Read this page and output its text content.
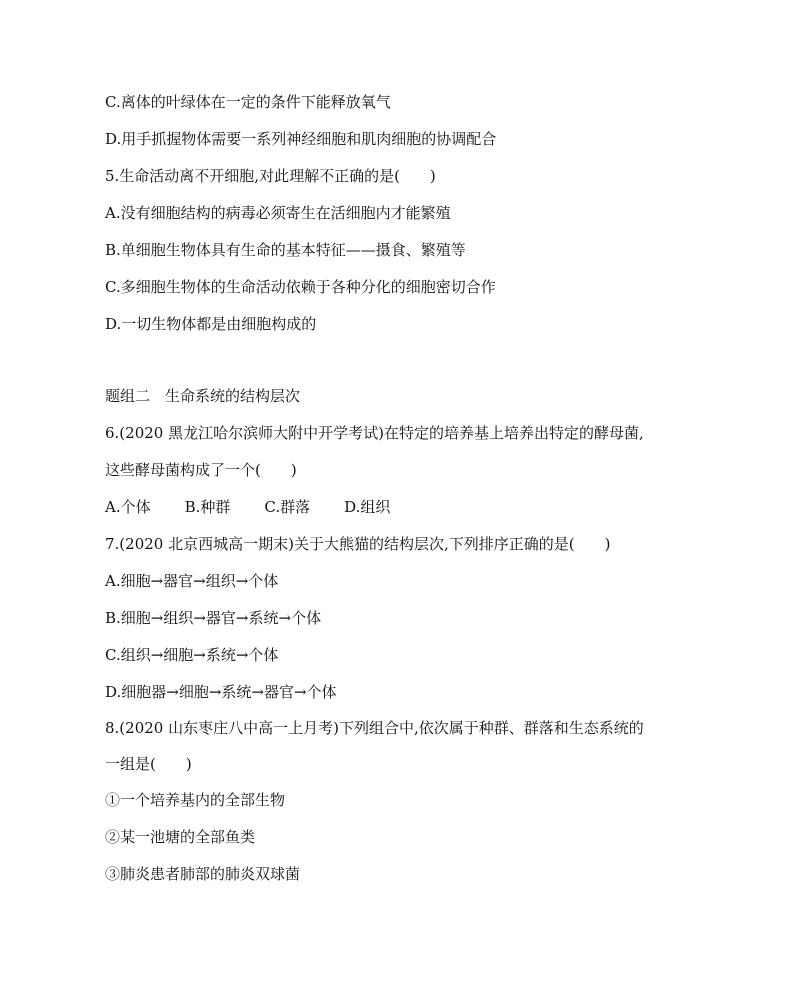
C.离体的叶绿体在一定的条件下能释放氧气
D.用手抓握物体需要一系列神经细胞和肌肉细胞的协调配合
5.生命活动离不开细胞,对此理解不正确的是(　　)
A.没有细胞结构的病毒必须寄生在活细胞内才能繁殖
B.单细胞生物体具有生命的基本特征——摄食、繁殖等
C.多细胞生物体的生命活动依赖于各种分化的细胞密切合作
D.一切生物体都是由细胞构成的
题组二　生命系统的结构层次
6.(2020 黑龙江哈尔滨师大附中开学考试)在特定的培养基上培养出特定的酵母菌,
这些酵母菌构成了一个(　　)
A.个体 B.种群 C.群落 D.组织
7.(2020 北京西城高一期末)关于大熊猫的结构层次,下列排序正确的是(　　)
A.细胞→器官→组织→个体
B.细胞→组织→器官→系统→个体
C.组织→细胞→系统→个体
D.细胞器→细胞→系统→器官→个体
8.(2020 山东枣庄八中高一上月考)下列组合中,依次属于种群、群落和生态系统的
一组是(　　)
①一个培养基内的全部生物
②某一池塘的全部鱼类
③肺炎患者肺部的肺炎双球菌
